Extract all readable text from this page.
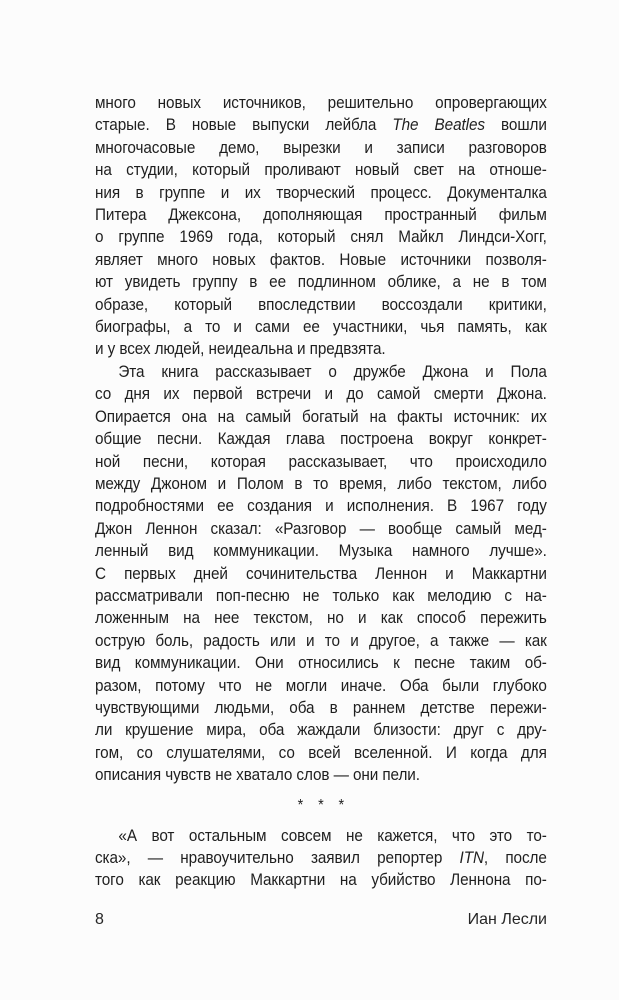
много новых источников, решительно опровергающих
старые. В новые выпуски лейбла The Beatles вошли
многочасовые демо, вырезки и записи разговоров
на студии, который проливают новый свет на отноше-
ния в группе и их творческий процесс. Документалка
Питера Джексона, дополняющая пространный фильм
о группе 1969 года, который снял Майкл Линдси-Хогг,
являет много новых фактов. Новые источники позволя-
ют увидеть группу в ее подлинном облике, а не в том
образе, который впоследствии воссоздали критики,
биографы, а то и сами ее участники, чья память, как
и у всех людей, неидеальна и предвзята.
Эта книга рассказывает о дружбе Джона и Пола
со дня их первой встречи и до самой смерти Джона.
Опирается она на самый богатый на факты источник: их
общие песни. Каждая глава построена вокруг конкрет-
ной песни, которая рассказывает, что происходило
между Джоном и Полом в то время, либо текстом, либо
подробностями ее создания и исполнения. В 1967 году
Джон Леннон сказал: «Разговор — вообще самый мед-
ленный вид коммуникации. Музыка намного лучше».
С первых дней сочинительства Леннон и Маккартни
рассматривали поп-песню не только как мелодию с на-
ложенным на нее текстом, но и как способ пережить
острую боль, радость или и то и другое, а также — как
вид коммуникации. Они относились к песне таким об-
разом, потому что не могли иначе. Оба были глубоко
чувствующими людьми, оба в раннем детстве пережи-
ли крушение мира, оба жаждали близости: друг с дру-
гом, со слушателями, со всей вселенной. И когда для
описания чувств не хватало слов — они пели.
* * *
«А вот остальным совсем не кажется, что это то-
ска», — нравоучительно заявил репортер ITN, после
того как реакцию Маккартни на убийство Леннона по-
8	Иан Лесли
